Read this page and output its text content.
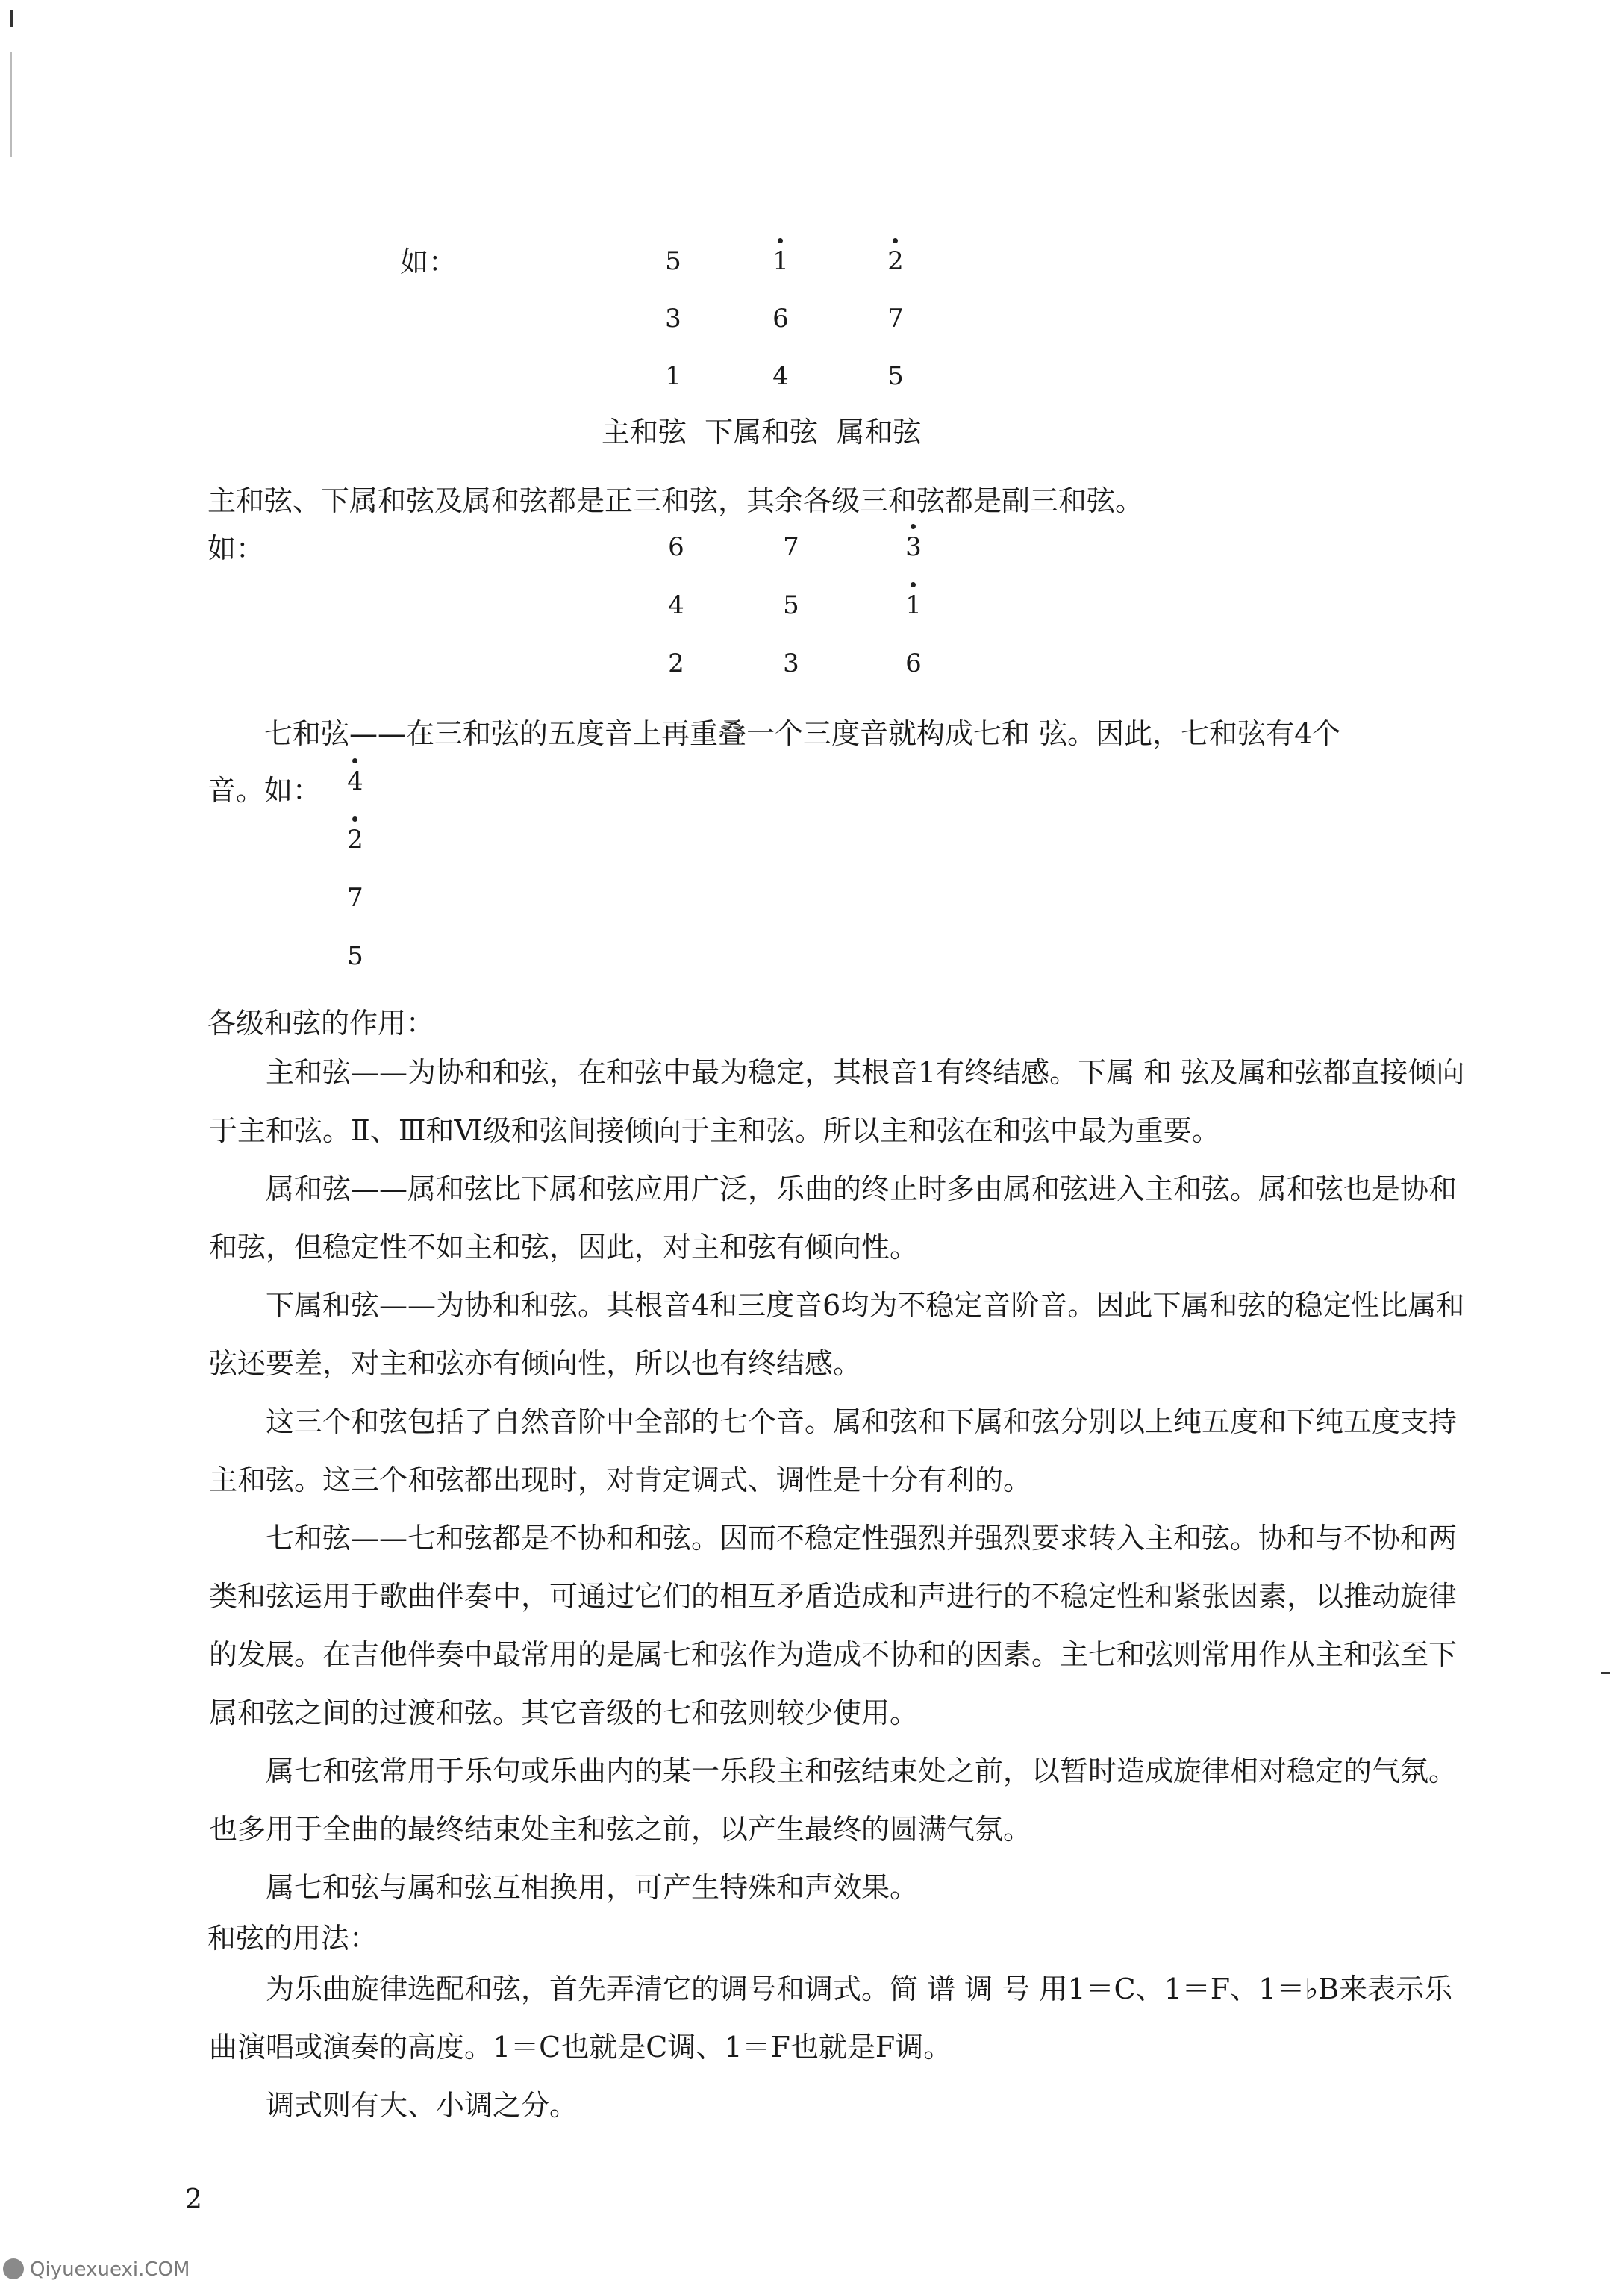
如：	5	1	2
3	6	7
1	4	5
主和弦  下属和弦  属和弦
主和弦、下属和弦及属和弦都是正三和弦，其余各级三和弦都是副三和弦。
如：	6	7	3
4	5	1
2	3	6
七和弦——在三和弦的五度音上再重叠一个三度音就构成七和 弦。因此，七和弦有4个
音。如：	4
2
7
5
各级和弦的作用：
主和弦——为协和和弦，在和弦中最为稳定，其根音1有终结感。下属 和 弦及属和弦都直接倾向于主和弦。Ⅱ、Ⅲ和Ⅵ级和弦间接倾向于主和弦。所以主和弦在和弦中最为重要。
属和弦——属和弦比下属和弦应用广泛，乐曲的终止时多由属和弦进入主和弦。属和弦也是协和和弦，但稳定性不如主和弦，因此，对主和弦有倾向性。
下属和弦——为协和和弦。其根音4和三度音6均为不稳定音阶音。因此下属和弦的稳定性比属和弦还要差，对主和弦亦有倾向性，所以也有终结感。
这三个和弦包括了自然音阶中全部的七个音。属和弦和下属和弦分别以上纯五度和下纯五度支持主和弦。这三个和弦都出现时，对肯定调式、调性是十分有利的。
七和弦——七和弦都是不协和和弦。因而不稳定性强烈并强烈要求转入主和弦。协和与不协和两类和弦运用于歌曲伴奏中，可通过它们的相互矛盾造成和声进行的不稳定性和紧张因素，以推动旋律的发展。在吉他伴奏中最常用的是属七和弦作为造成不协和的因素。主七和弦则常用作从主和弦至下属和弦之间的过渡和弦。其它音级的七和弦则较少使用。
属七和弦常用于乐句或乐曲内的某一乐段主和弦结束处之前，以暂时造成旋律相对稳定的气氛。也多用于全曲的最终结束处主和弦之前，以产生最终的圆满气氛。
属七和弦与属和弦互相换用，可产生特殊和声效果。
和弦的用法：
为乐曲旋律选配和弦，首先弄清它的调号和调式。简 谱 调 号 用1＝C、1＝F、1＝♭B来表示乐曲演唱或演奏的高度。1＝C也就是C调、1＝F也就是F调。
调式则有大、小调之分。
2
Qiyuexuexi.COM
